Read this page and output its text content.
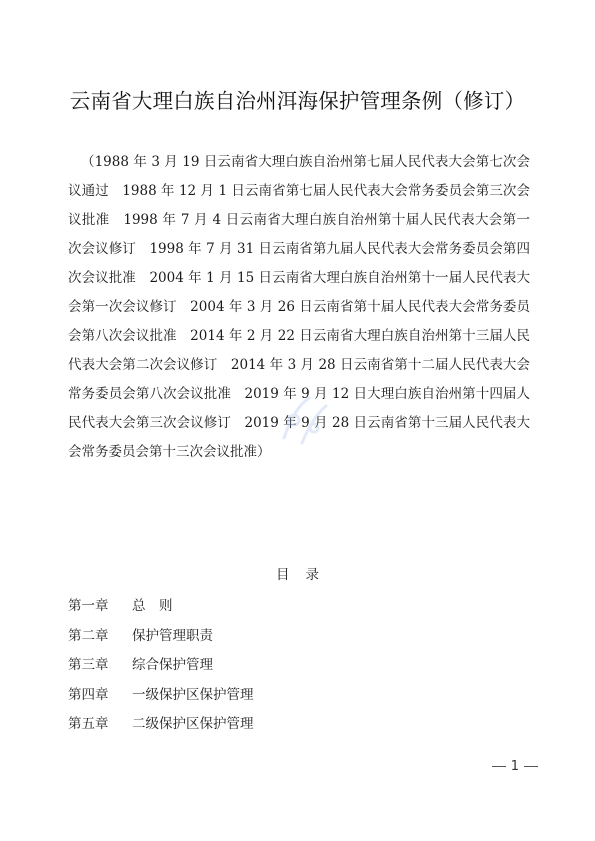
云南省大理白族自治州洱海保护管理条例（修订）
（1988 年 3 月 19 日云南省大理白族自治州第七届人民代表大会第七次会议通过　1988 年 12 月 1 日云南省第七届人民代表大会常务委员会第三次会议批准　1998 年 7 月 4 日云南省大理白族自治州第十届人民代表大会第一次会议修订　1998 年 7 月 31 日云南省第九届人民代表大会常务委员会第四次会议批准　2004 年 1 月 15 日云南省大理白族自治州第十一届人民代表大会第一次会议修订　2004 年 3 月 26 日云南省第十届人民代表大会常务委员会第八次会议批准　2014 年 2 月 22 日云南省大理白族自治州第十三届人民代表大会第二次会议修订　2014 年 3 月 28 日云南省第十二届人民代表大会常务委员会第八次会议批准　2019 年 9 月 12 日大理白族自治州第十四届人民代表大会第三次会议修订　2019 年 9 月 28 日云南省第十三届人民代表大会常务委员会第十三次会议批准）
目录
第一章 总　则
第二章 保护管理职责
第三章 综合保护管理
第四章 一级保护区保护管理
第五章 二级保护区保护管理
1
